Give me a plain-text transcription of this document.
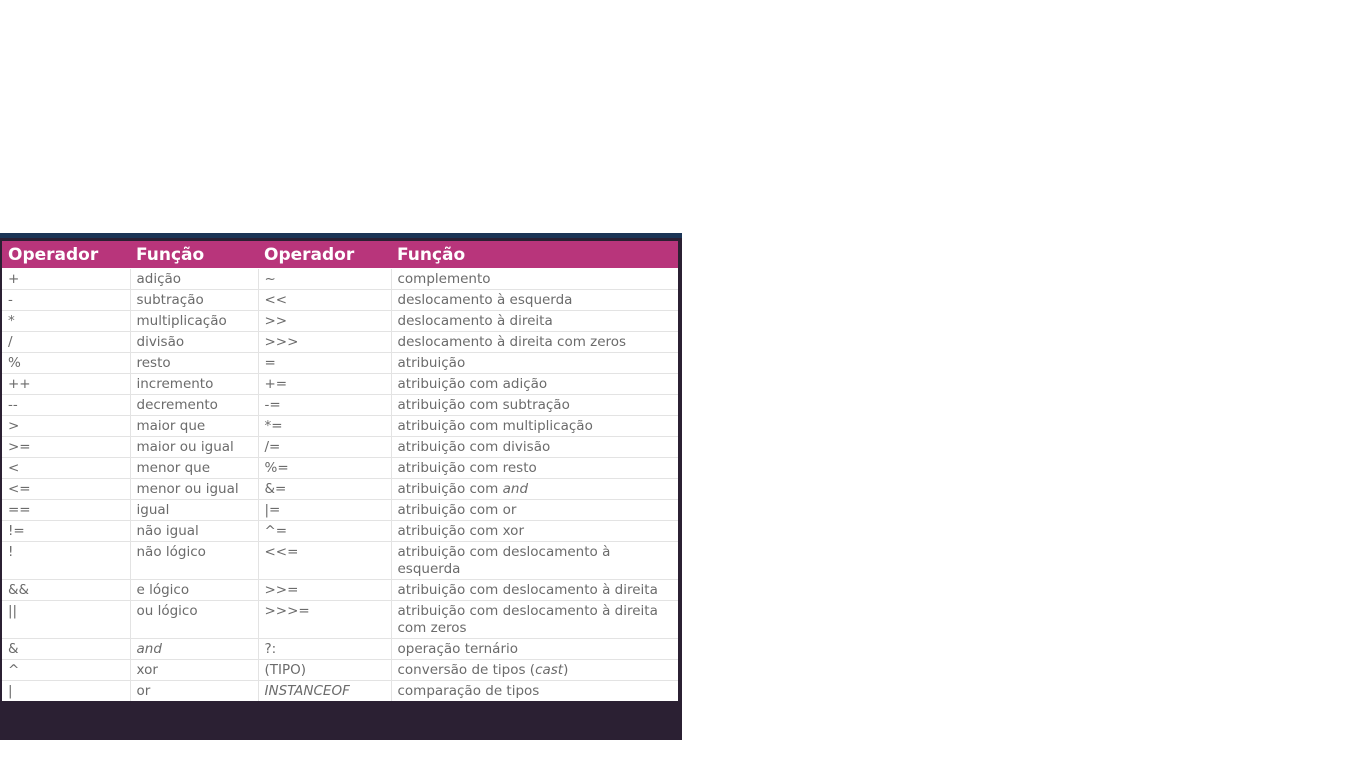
Operador	Função	Operador	Função
+	adição	~	complemento
-	subtração	<<	deslocamento à esquerda
*	multiplicação	>>	deslocamento à direita
/	divisão	>>>	deslocamento à direita com zeros
%	resto	=	atribuição
++	incremento	+=	atribuição com adição
--	decremento	-=	atribuição com subtração
>	maior que	*=	atribuição com multiplicação
>=	maior ou igual	/=	atribuição com divisão
<	menor que	%=	atribuição com resto
<=	menor ou igual	&=	atribuição com and
==	igual	|=	atribuição com or
!=	não igual	^=	atribuição com xor
!	não lógico	<<=	atribuição com deslocamento à esquerda
&&	e lógico	>>=	atribuição com deslocamento à direita
||	ou lógico	>>>=	atribuição com deslocamento à direita com zeros
&	and	?:	operação ternário
^	xor	(TIPO)	conversão de tipos (cast)
|	or	INSTANCEOF	comparação de tipos
